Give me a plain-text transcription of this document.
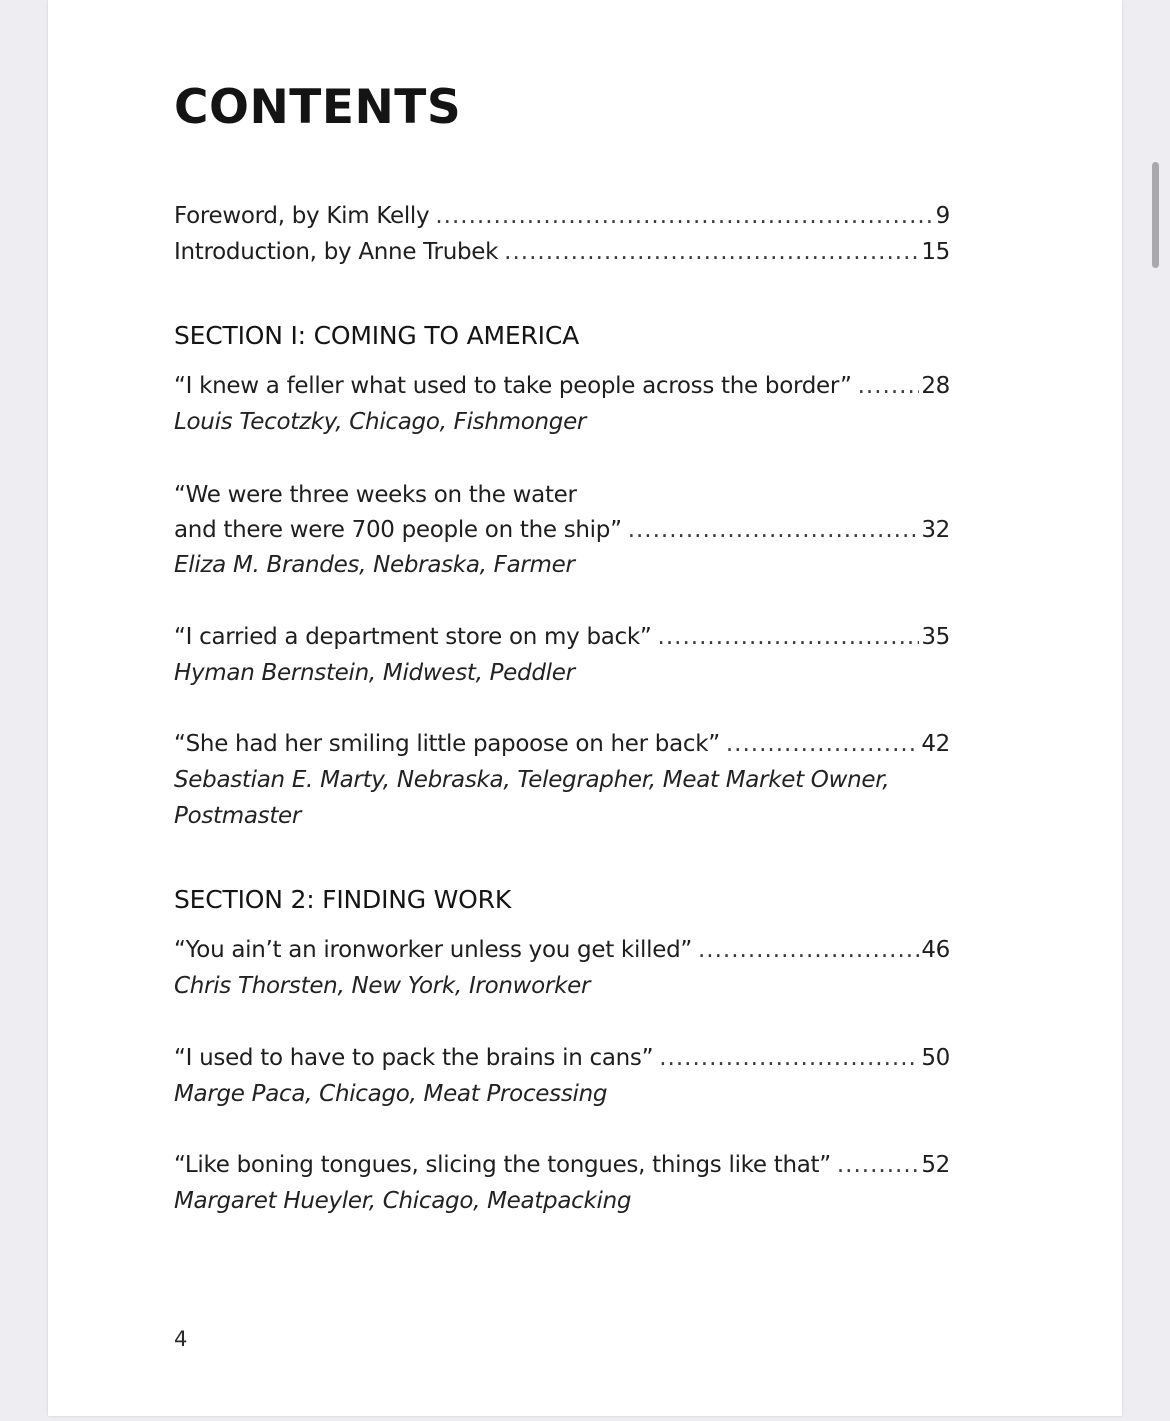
CONTENTS
Foreword, by Kim Kelly .....	9
Introduction, by Anne Trubek .....	15
SECTION I: COMING TO AMERICA
“I knew a feller what used to take people across the border” .....	28
Louis Tecotzky, Chicago, Fishmonger
“We were three weeks on the water
and there were 700 people on the ship” .....	32
Eliza M. Brandes, Nebraska, Farmer
“I carried a department store on my back” .....	35
Hyman Bernstein, Midwest, Peddler
“She had her smiling little papoose on her back” .....	42
Sebastian E. Marty, Nebraska, Telegrapher, Meat Market Owner,
Postmaster
SECTION 2: FINDING WORK
“You ain’t an ironworker unless you get killed” .....	46
Chris Thorsten, New York, Ironworker
“I used to have to pack the brains in cans” .....	50
Marge Paca, Chicago, Meat Processing
“Like boning tongues, slicing the tongues, things like that” .....	52
Margaret Hueyler, Chicago, Meatpacking
4
